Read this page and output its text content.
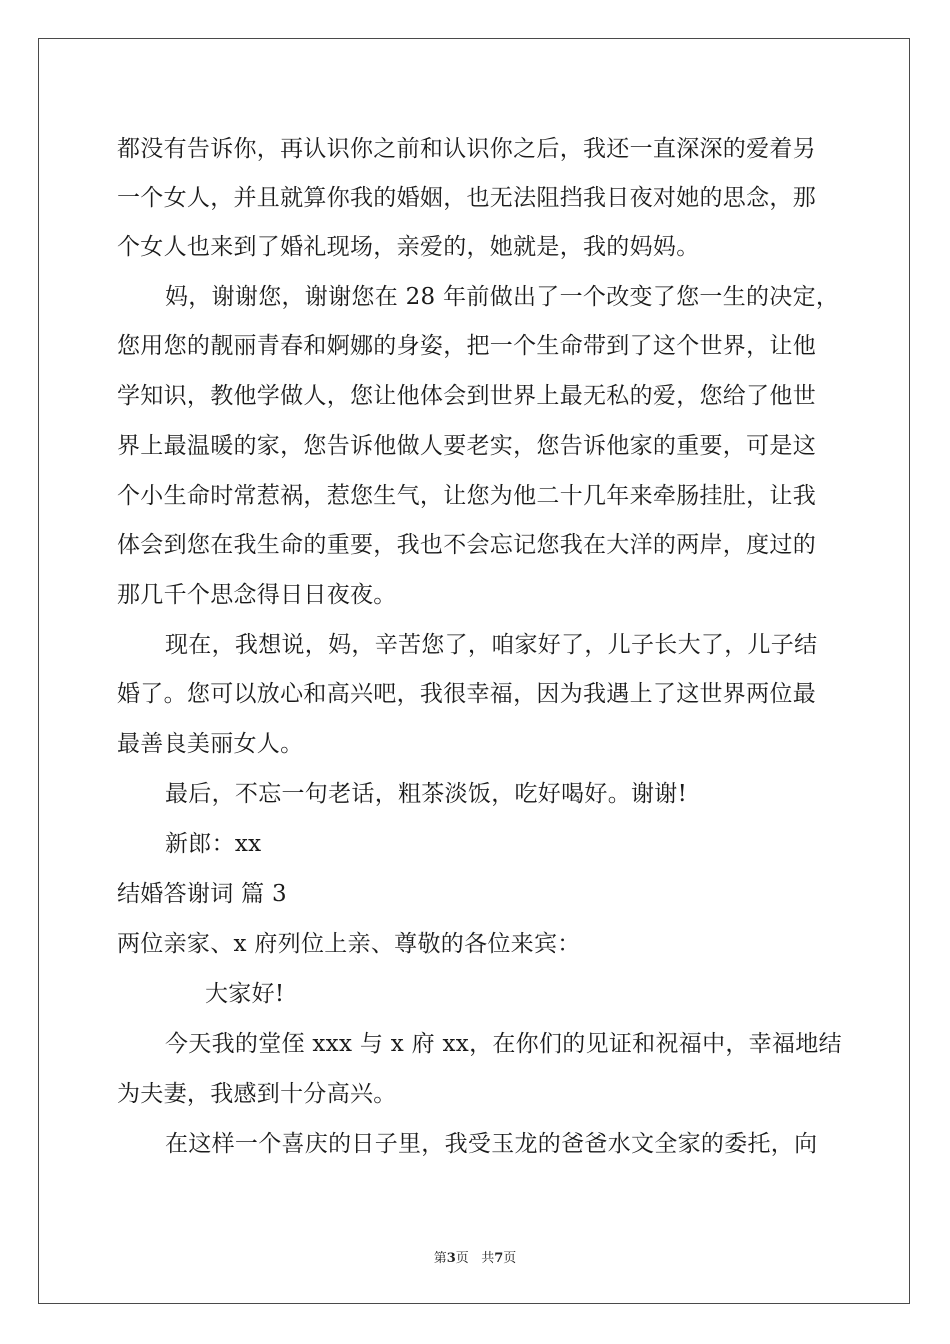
都没有告诉你，再认识你之前和认识你之后，我还一直深深的爱着另
一个女人，并且就算你我的婚姻，也无法阻挡我日夜对她的思念，那
个女人也来到了婚礼现场，亲爱的，她就是，我的妈妈。
妈，谢谢您，谢谢您在 28 年前做出了一个改变了您一生的决定，
您用您的靓丽青春和婀娜的身姿，把一个生命带到了这个世界，让他
学知识，教他学做人，您让他体会到世界上最无私的爱，您给了他世
界上最温暖的家，您告诉他做人要老实，您告诉他家的重要，可是这
个小生命时常惹祸，惹您生气，让您为他二十几年来牵肠挂肚，让我
体会到您在我生命的重要，我也不会忘记您我在大洋的两岸，度过的
那几千个思念得日日夜夜。
现在，我想说，妈，辛苦您了，咱家好了，儿子长大了，儿子结
婚了。您可以放心和高兴吧，我很幸福，因为我遇上了这世界两位最
最善良美丽女人。
最后，不忘一句老话，粗茶淡饭，吃好喝好。谢谢!
新郎：xx
结婚答谢词 篇 3
两位亲家、x 府列位上亲、尊敬的各位来宾：
大家好!
今天我的堂侄 xxx 与 x 府 xx，在你们的见证和祝福中，幸福地结
为夫妻，我感到十分高兴。
在这样一个喜庆的日子里，我受玉龙的爸爸水文全家的委托，向
第3页 共7页
